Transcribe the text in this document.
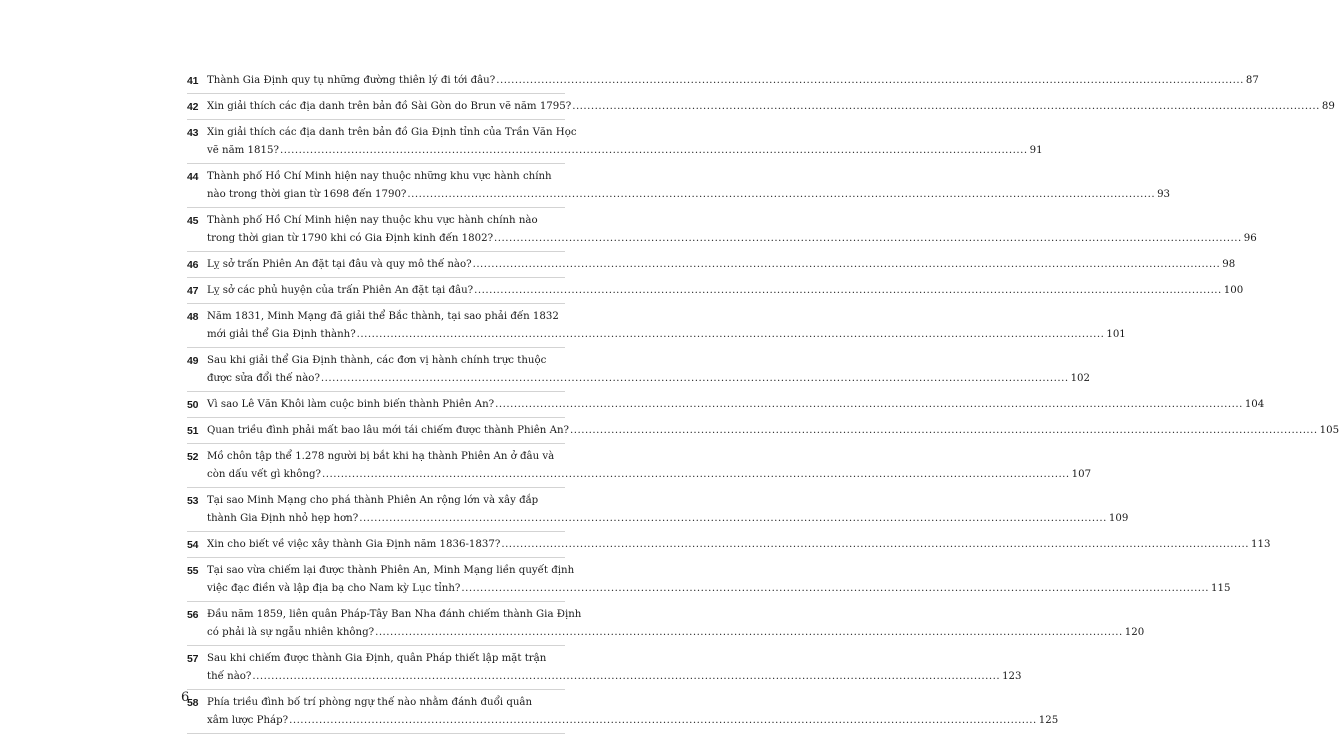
41 Thành Gia Định quy tụ những đường thiên lý đi tới đâu? .....	87
42 Xin giải thích các địa danh trên bản đồ Sài Gòn do Brun vẽ năm 1795? .....	89
43 Xin giải thích các địa danh trên bản đồ Gia Định tỉnh của Trần Văn Học
vẽ năm 1815? .....	91
44 Thành phố Hồ Chí Minh hiện nay thuộc những khu vực hành chính
nào trong thời gian từ 1698 đến 1790? .....	93
45 Thành phố Hồ Chí Minh hiện nay thuộc khu vực hành chính nào
trong thời gian từ 1790 khi có Gia Định kinh đến 1802? .....	96
46 Lỵ sở trấn Phiên An đặt tại đâu và quy mô thế nào? .....	98
47 Lỵ sở các phủ huyện của trấn Phiên An đặt tại đâu? .....	100
48 Năm 1831, Minh Mạng đã giải thể Bắc thành, tại sao phải đến 1832
mới giải thể Gia Định thành? .....	101
49 Sau khi giải thể Gia Định thành, các đơn vị hành chính trực thuộc
được sửa đổi thế nào? .....	102
50 Vì sao Lê Văn Khôi làm cuộc binh biến thành Phiên An? .....	104
51 Quan triều đình phải mất bao lâu mới tái chiếm được thành Phiên An? .....	105
52 Mồ chôn tập thể 1.278 người bị bắt khi hạ thành Phiên An ở đâu và
còn dấu vết gì không? .....	107
53 Tại sao Minh Mạng cho phá thành Phiên An rộng lớn và xây đắp
thành Gia Định nhỏ hẹp hơn? .....	109
54 Xin cho biết về việc xây thành Gia Định năm 1836-1837? .....	113
55 Tại sao vừa chiếm lại được thành Phiên An, Minh Mạng liền quyết định
việc đạc điền và lập địa bạ cho Nam kỳ Lục tỉnh? .....	115
56 Đầu năm 1859, liên quân Pháp-Tây Ban Nha đánh chiếm thành Gia Định
có phải là sự ngẫu nhiên không? .....	120
57 Sau khi chiếm được thành Gia Định, quân Pháp thiết lập mặt trận
thế nào? .....	123
58 Phía triều đình bố trí phòng ngự thế nào nhằm đánh đuổi quân
xâm lược Pháp? .....	125
6
